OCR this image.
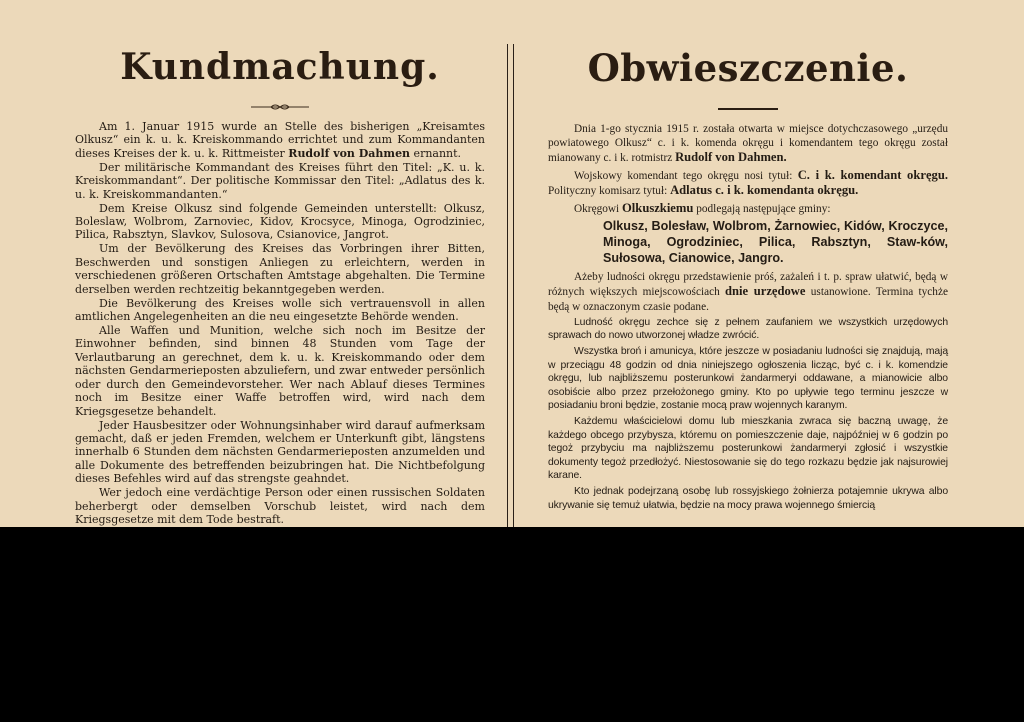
Kundmachung.

Am 1. Januar 1915 wurde an Stelle des bisherigen „Kreisamtes Olkusz“ ein k. u. k. Kreiskommando errichtet und zum Kommandanten dieses Kreises der k. u. k. Rittmeister Rudolf von Dahmen ernannt.

Der militärische Kommandant des Kreises führt den Titel: „K. u. k. Kreiskommandant“. Der politische Kommissar den Titel: „Adlatus des k. u. k. Kreiskommandanten.“

Dem Kreise Olkusz sind folgende Gemeinden unterstellt: Olkusz, Boleslaw, Wolbrom, Zarnoviec, Kidov, Krocsyce, Minoga, Ogrodziniec, Pilica, Rabsztyn, Slavkov, Sulosova, Csianovice, Jangrot.

Um der Bevölkerung des Kreises das Vorbringen ihrer Bitten, Beschwerden und sonstigen Anliegen zu erleichtern, werden in verschiedenen größeren Ortschaften Amtstage abgehalten. Die Termine derselben werden rechtzeitig bekanntgegeben werden.

Die Bevölkerung des Kreises wolle sich vertrauensvoll in allen amtlichen Angelegenheiten an die neu eingesetzte Behörde wenden.

Alle Waffen und Munition, welche sich noch im Besitze der Einwohner befinden, sind binnen 48 Stunden vom Tage der Verlautbarung an gerechnet, dem k. u. k. Kreiskommando oder dem nächsten Gendarmerieposten abzuliefern, und zwar entweder persönlich oder durch den Gemeindevorsteher. Wer nach Ablauf dieses Termines noch im Besitze einer Waffe betroffen wird, wird nach dem Kriegsgesetze behandelt.

Jeder Hausbesitzer oder Wohnungsinhaber wird darauf aufmerksam gemacht, daß er jeden Fremden, welchem er Unterkunft gibt, längstens innerhalb 6 Stunden dem nächsten Gendarmerieposten anzumelden und alle Dokumente des betreffenden beizubringen hat. Die Nichtbefolgung dieses Befehles wird auf das strengste geahndet.

Wer jedoch eine verdächtige Person oder einen russischen Soldaten beherbergt oder demselben Vorschub leistet, wird nach dem Kriegsgesetze mit dem Tode bestraft.

Obwieszczenie.

Dnia 1-go stycznia 1915 r. została otwarta w miejsce dotychczasowego „urzędu powiatowego Olkusz“ c. i k. komenda okręgu i komendantem tego okręgu został mianowany c. i k. rotmistrz Rudolf von Dahmen.

Wojskowy komendant tego okręgu nosi tytuł: C. i k. komendant okręgu. Polityczny komisarz tytuł: Adlatus c. i k. komendanta okręgu.

Okręgowi Olkuszkiemu podlegają następujące gminy:

Olkusz, Bolesław, Wolbrom, Żarnowiec, Kidów, Kroczyce, Minoga, Ogrodziniec, Pilica, Rabsztyn, Staw-ków, Sułosowa, Cianowice, Jangro.

Ażeby ludności okręgu przedstawienie próś, zażaleń i t. p. spraw ułatwić, będą w różnych większych miejscowościach dnie urzędowe ustanowione. Termina tychże będą w oznaczonym czasie podane.

Ludność okręgu zechce się z pełnem zaufaniem we wszystkich urzędowych sprawach do nowo utworzonej władze zwrócić.

Wszystka broń i amunicya, które jeszcze w posiadaniu ludności się znajdują, mają w przeciągu 48 godzin od dnia niniejszego ogłoszenia licząc, być c. i k. komendzie okręgu, lub najbliższemu posterunkowi żandarmeryi oddawane, a mianowicie albo osobiście albo przez przełożonego gminy. Kto po upływie tego terminu jeszcze w posiadaniu broni będzie, zostanie mocą praw wojennych karanym.

Każdemu właścicielowi domu lub mieszkania zwraca się baczną uwagę, że każdego obcego przybysza, któremu on pomieszczenie daje, najpóźniej w 6 godzin po tegoż przybyciu ma najbliższemu posterunkowi żandarmeryi zgłosić i wszystkie dokumenty tegoż przedłożyć. Niestosowanie się do tego rozkazu będzie jak najsurowiej karane.

Kto jednak podejrzaną osobę lub rossyjskiego żołnierza potajemnie ukrywa albo ukrywanie się temuż ułatwia, będzie na mocy prawa wojennego śmiercią
